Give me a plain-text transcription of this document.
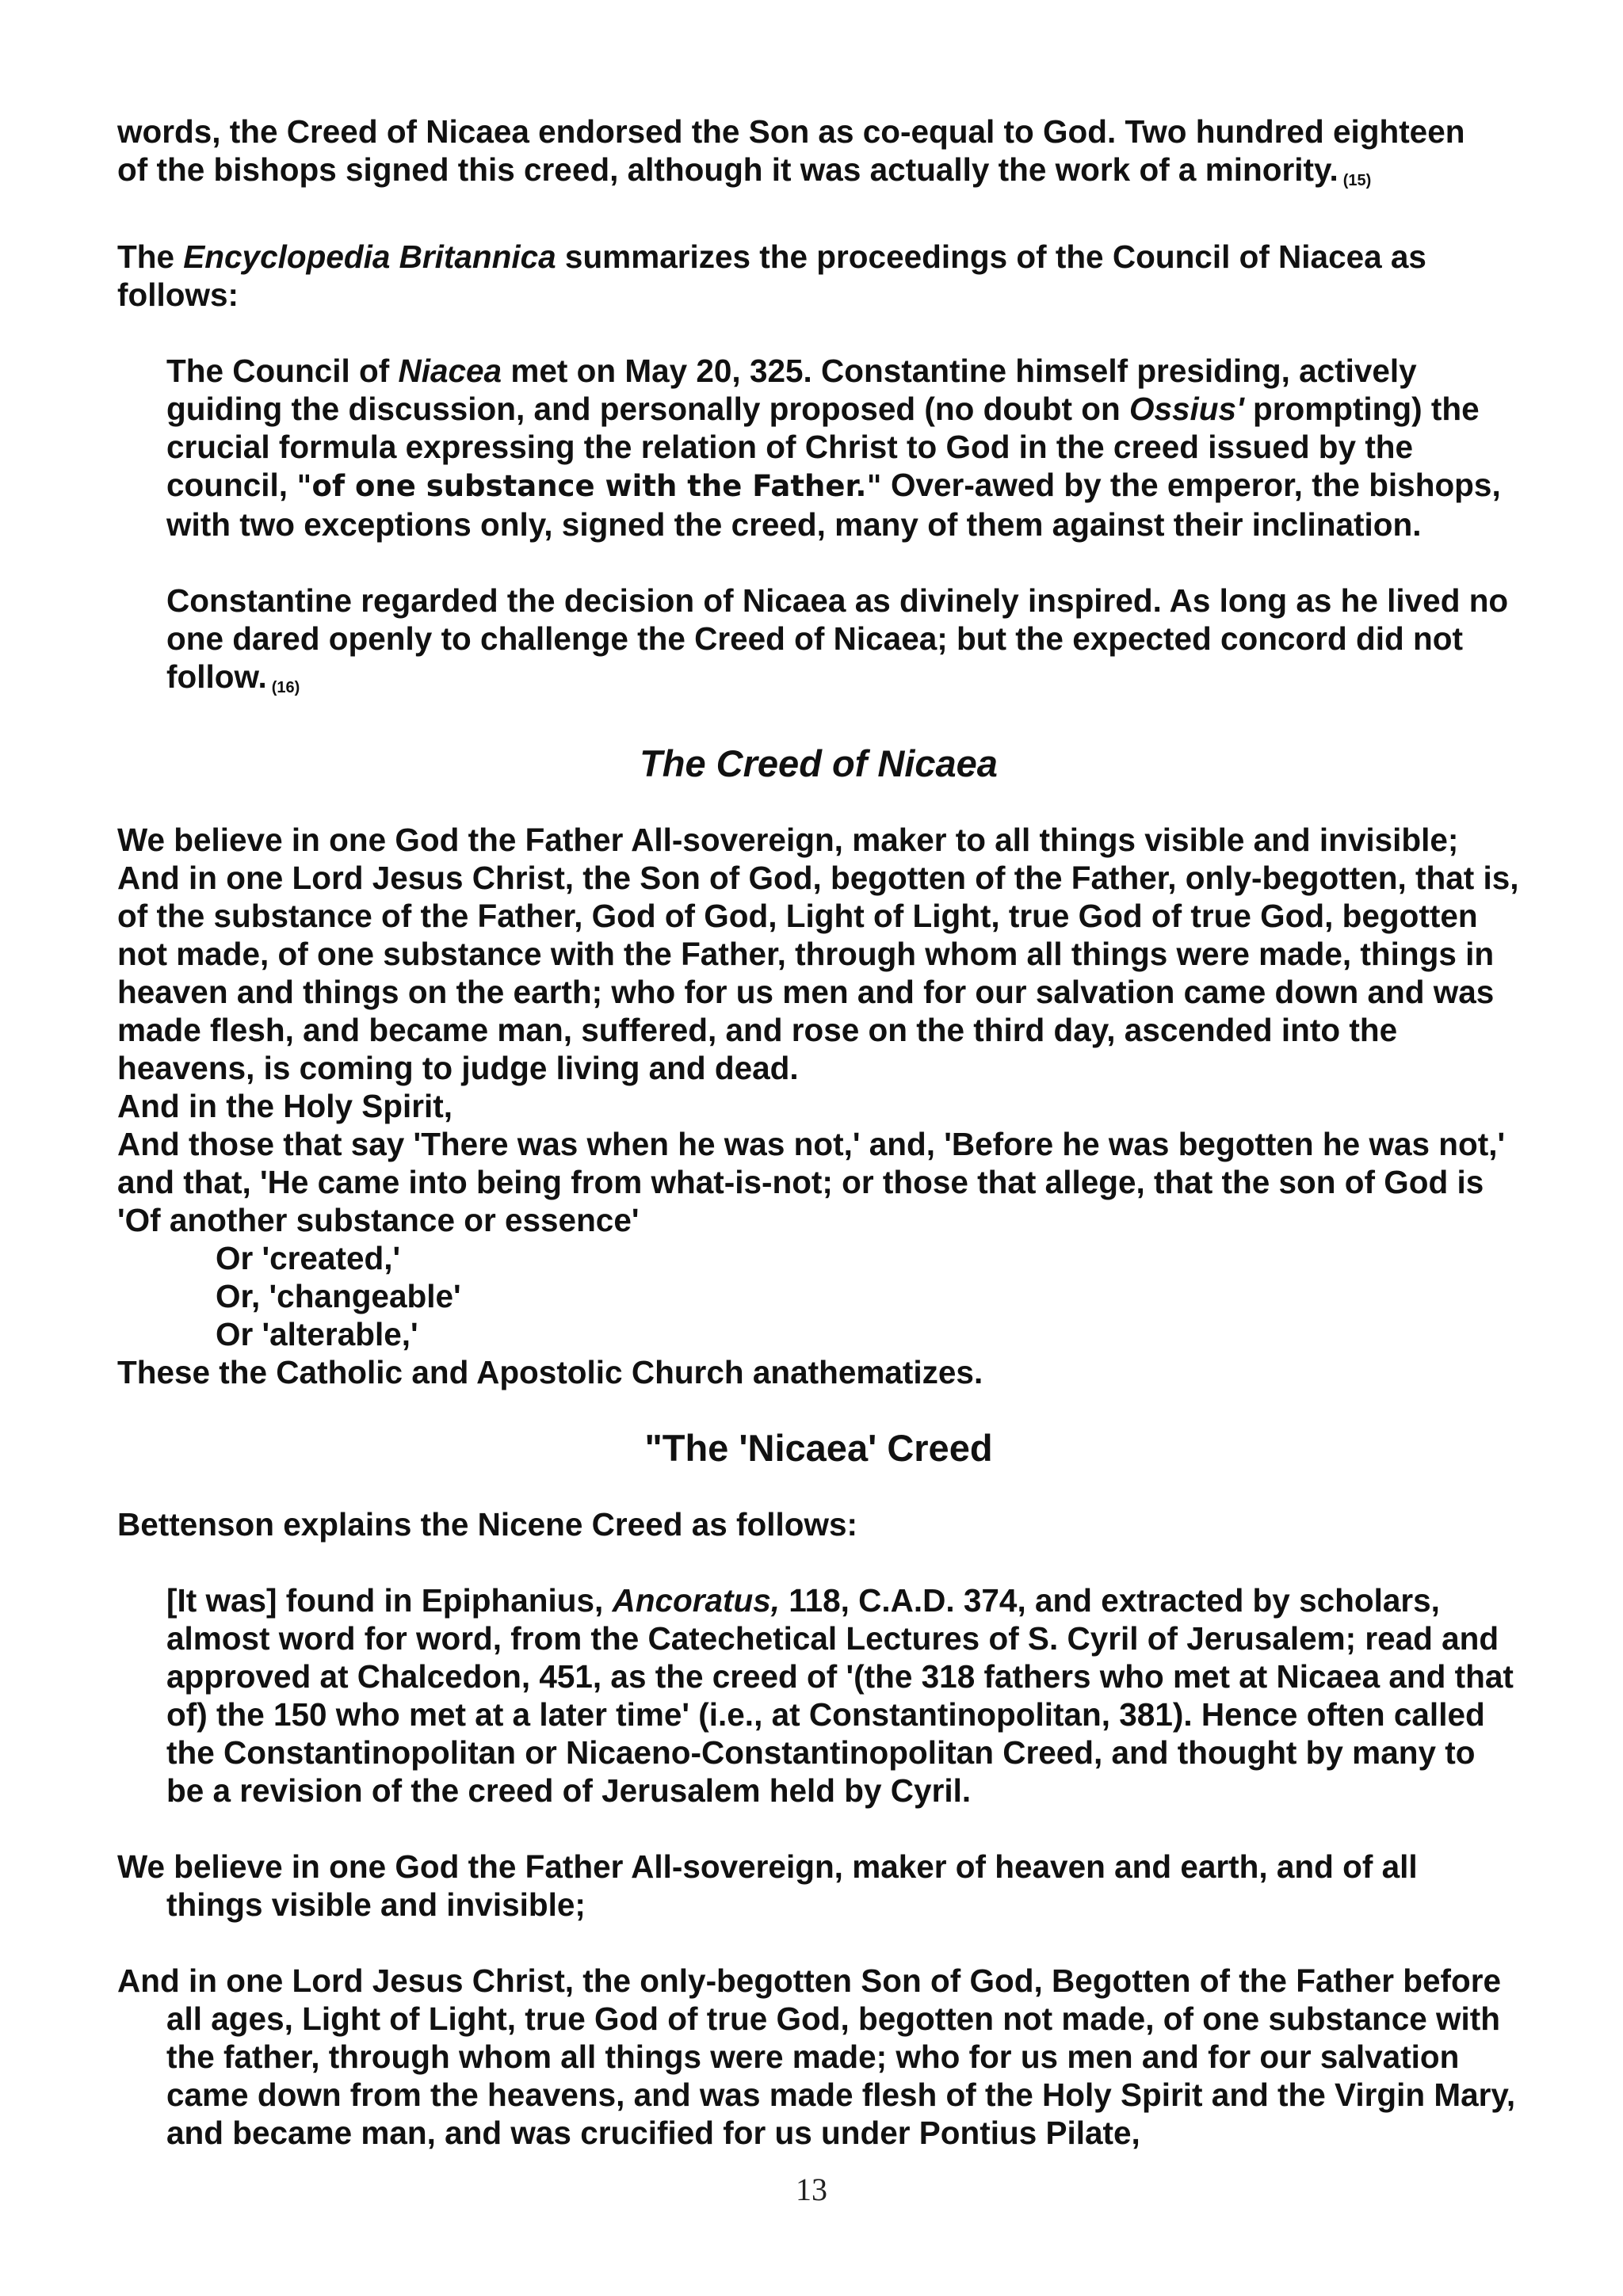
words, the Creed of Nicaea endorsed the Son as co-equal to God. Two hundred eighteen
of the bishops signed this creed, although it was actually the work of a minority. (15)

The Encyclopedia Britannica summarizes the proceedings of the Council of Niacea as follows:

The Council of Niacea met on May 20, 325. Constantine himself presiding, actively guiding the discussion, and personally proposed (no doubt on Ossius' prompting) the crucial formula expressing the relation of Christ to God in the creed issued by the council, "of one substance with the Father." Over-awed by the emperor, the bishops, with two exceptions only, signed the creed, many of them against their inclination.

Constantine regarded the decision of Nicaea as divinely inspired. As long as he lived no one dared openly to challenge the Creed of Nicaea; but the expected concord did not follow. (16)

The Creed of Nicaea

We believe in one God the Father All-sovereign, maker to all things visible and invisible; And in one Lord Jesus Christ, the Son of God, begotten of the Father, only-begotten, that is, of the substance of the Father, God of God, Light of Light, true God of true God, begotten not made, of one substance with the Father, through whom all things were made, things in heaven and things on the earth; who for us men and for our salvation came down and was made flesh, and became man, suffered, and rose on the third day, ascended into the heavens, is coming to judge living and dead.

And in the Holy Spirit,

And those that say 'There was when he was not,' and, 'Before he was begotten he was not,' and that, 'He came into being from what-is-not; or those that allege, that the son of God is 'Of another substance or essence'

Or 'created,'

Or, 'changeable'

Or 'alterable,'

These the Catholic and Apostolic Church anathematizes.

"The 'Nicaea' Creed

Bettenson explains the Nicene Creed as follows:

[It was] found in Epiphanius, Ancoratus, 118, C.A.D. 374, and extracted by scholars, almost word for word, from the Catechetical Lectures of S. Cyril of Jerusalem; read and approved at Chalcedon, 451, as the creed of '(the 318 fathers who met at Nicaea and that of) the 150 who met at a later time' (i.e., at Constantinopolitan, 381). Hence often called the Constantinopolitan or Nicaeno-Constantinopolitan Creed, and thought by many to be a revision of the creed of Jerusalem held by Cyril.

We believe in one God the Father All-sovereign, maker of heaven and earth, and of all things visible and invisible;

And in one Lord Jesus Christ, the only-begotten Son of God, Begotten of the Father before all ages, Light of Light, true God of true God, begotten not made, of one substance with the father, through whom all things were made; who for us men and for our salvation came down from the heavens, and was made flesh of the Holy Spirit and the Virgin Mary, and became man, and was crucified for us under Pontius Pilate,

13
